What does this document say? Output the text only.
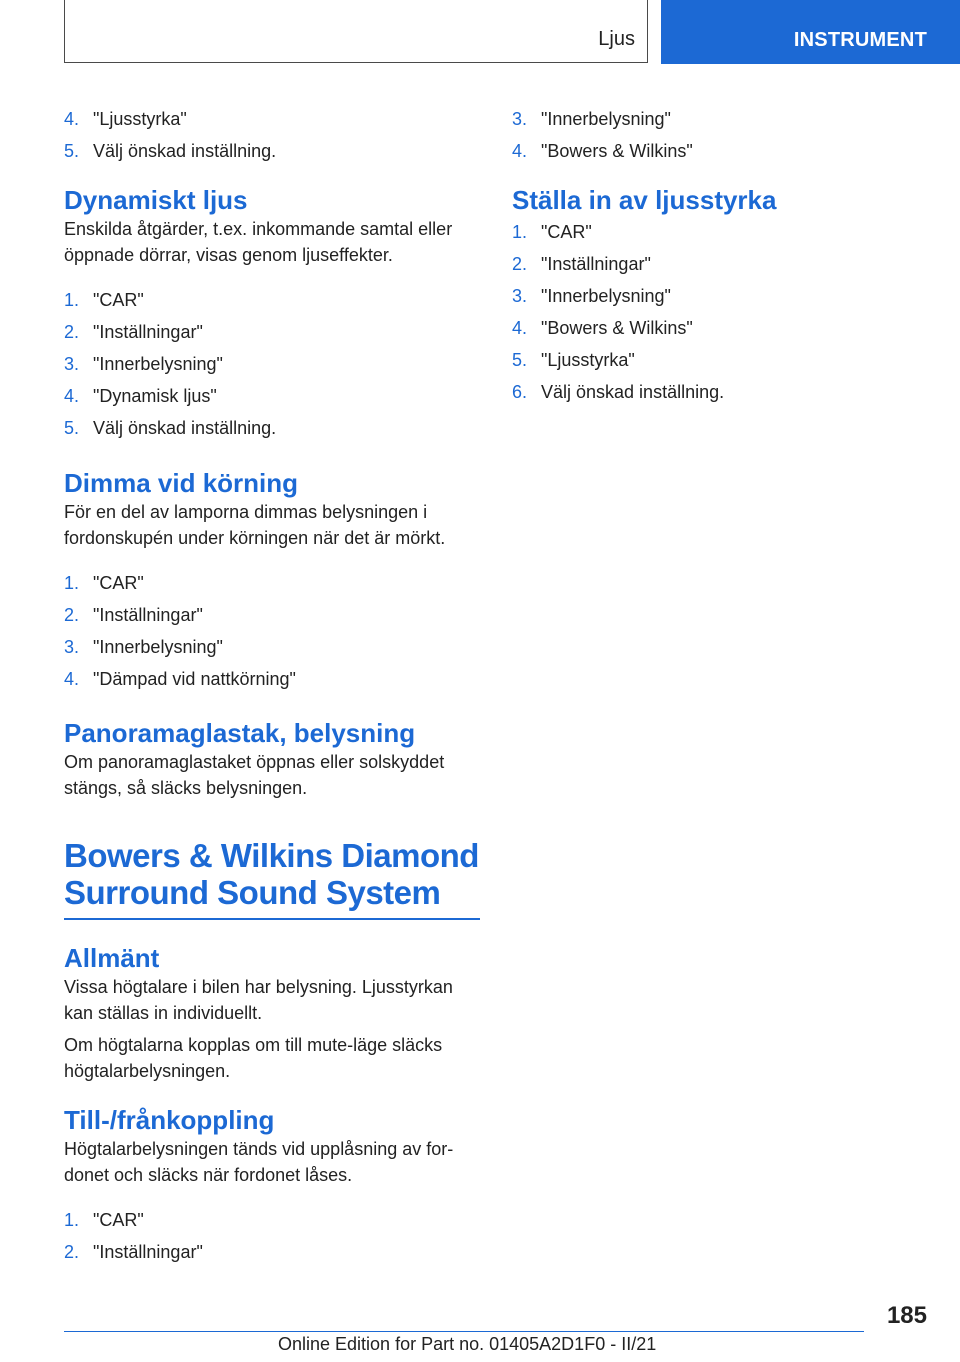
Ljus	INSTRUMENT
4. "Ljusstyrka"
5. Välj önskad inställning.
Dynamiskt ljus

Enskilda åtgärder, t.ex. inkommande samtal eller öppnade dörrar, visas genom ljuseffekter.

1. "CAR"
2. "Inställningar"
3. "Innerbelysning"
4. "Dynamisk ljus"
5. Välj önskad inställning.
Dimma vid körning

För en del av lamporna dimmas belysningen i fordonskupén under körningen när det är mörkt.

1. "CAR"
2. "Inställningar"
3. "Innerbelysning"
4. "Dämpad vid nattkörning"
Panoramaglastak, belysning

Om panoramaglastaket öppnas eller solskyddet stängs, så släcks belysningen.

Bowers & Wilkins Diamond Surround Sound System
Allmänt

Vissa högtalare i bilen har belysning. Ljusstyrkan kan ställas in individuellt.

Om högtalarna kopplas om till mute-läge släcks högtalarbelysningen.

Till-/frånkoppling

Högtalarbelysningen tänds vid upplåsning av for-donet och släcks när fordonet låses.

1. "CAR"
2. "Inställningar"
3. "Innerbelysning"
4. "Bowers & Wilkins"
Ställa in av ljusstyrka
1. "CAR"
2. "Inställningar"
3. "Innerbelysning"
4. "Bowers & Wilkins"
5. "Ljusstyrka"
6. Välj önskad inställning.
185
Online Edition for Part no. 01405A2D1F0 - II/21
